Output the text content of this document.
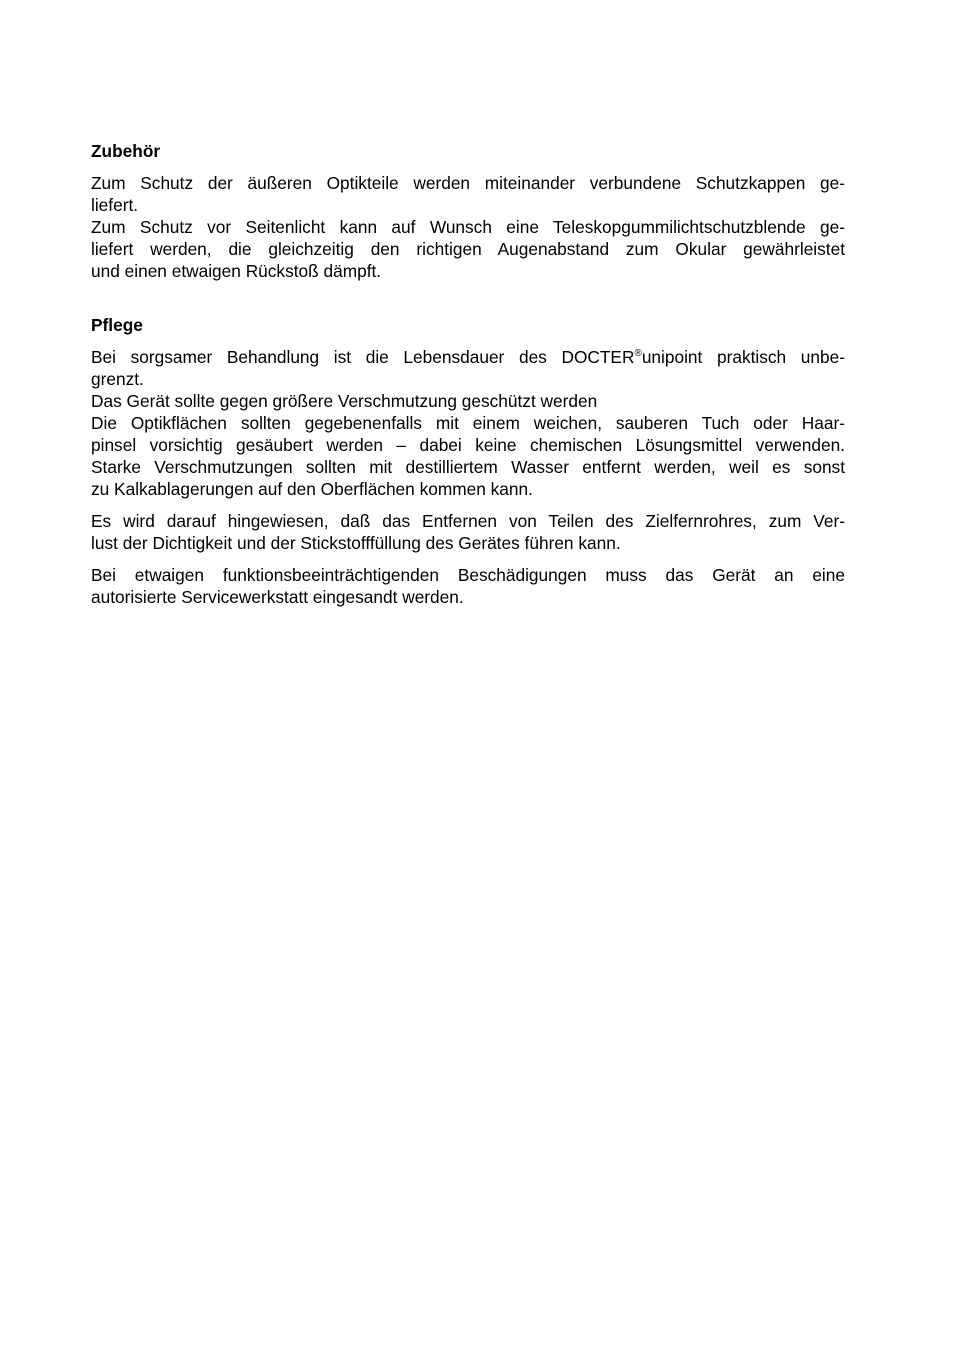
Zubehör
Zum Schutz der äußeren Optikteile werden miteinander verbundene Schutzkappen ge-
liefert.
Zum Schutz vor Seitenlicht kann auf Wunsch eine Teleskopgummilichtschutzblende ge-
liefert werden, die gleichzeitig den richtigen Augenabstand zum Okular gewährleistet
und einen etwaigen Rückstoß dämpft.
Pflege
Bei sorgsamer Behandlung ist die Lebensdauer des DOCTER®unipoint praktisch unbe-
grenzt.
Das Gerät sollte gegen größere Verschmutzung geschützt werden
Die Optikflächen sollten gegebenenfalls mit einem weichen, sauberen Tuch oder Haar-
pinsel vorsichtig gesäubert werden – dabei keine chemischen Lösungsmittel verwenden.
Starke Verschmutzungen sollten mit destilliertem Wasser entfernt werden, weil es sonst
zu Kalkablagerungen auf den Oberflächen kommen kann.
Es wird darauf hingewiesen, daß das Entfernen von Teilen des Zielfernrohres, zum Ver-
lust der Dichtigkeit und der Stickstofffüllung des Gerätes führen kann.
Bei etwaigen funktionsbeeinträchtigenden Beschädigungen muss das Gerät an eine
autorisierte Servicewerkstatt eingesandt werden.
